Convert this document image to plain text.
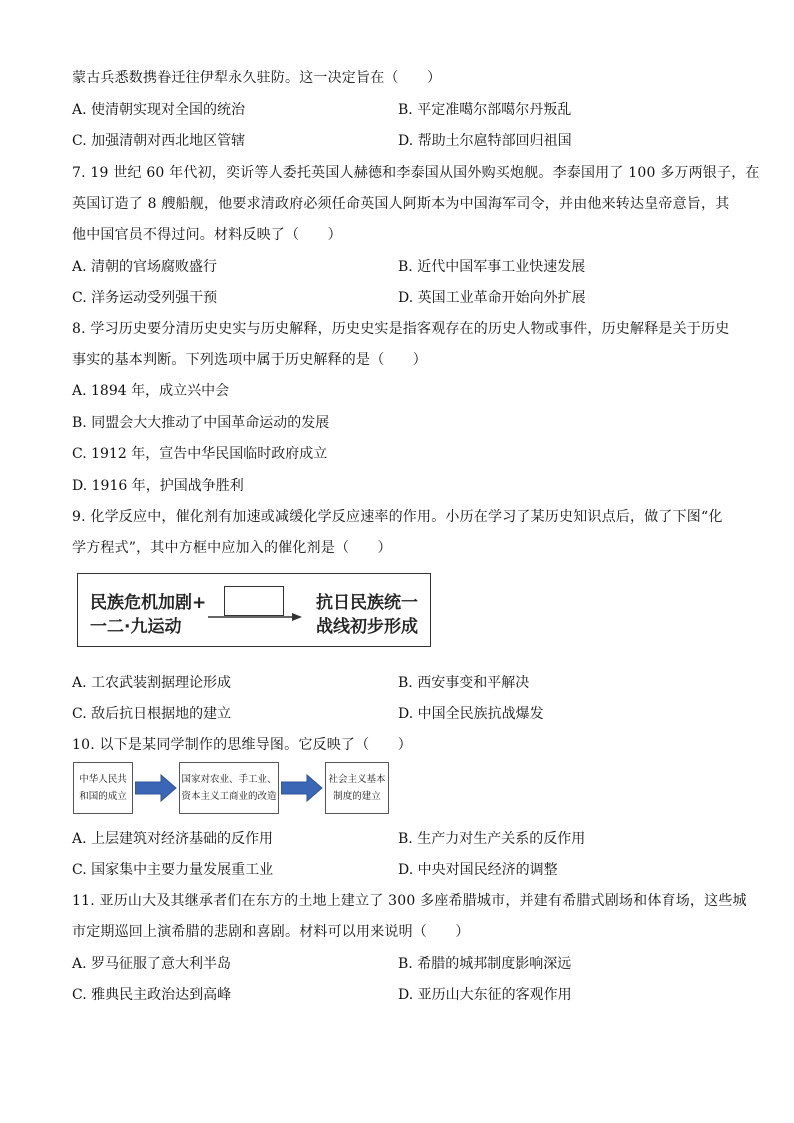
蒙古兵悉数携眷迁往伊犁永久驻防。这一决定旨在（　　）
A. 使清朝实现对全国的统治	B. 平定准噶尔部噶尔丹叛乱
C. 加强清朝对西北地区管辖	D. 帮助土尔扈特部回归祖国
7. 19 世纪 60 年代初，奕䜣等人委托英国人赫德和李泰国从国外购买炮舰。李泰国用了 100 多万两银子，在
英国订造了 8 艘船舰，他要求清政府必须任命英国人阿斯本为中国海军司令，并由他来转达皇帝意旨，其
他中国官员不得过问。材料反映了（　　）
A. 清朝的官场腐败盛行	B. 近代中国军事工业快速发展
C. 洋务运动受列强干预	D. 英国工业革命开始向外扩展
8. 学习历史要分清历史史实与历史解释，历史史实是指客观存在的历史人物或事件，历史解释是关于历史
事实的基本判断。下列选项中属于历史解释的是（　　）
A. 1894 年，成立兴中会
B. 同盟会大大推动了中国革命运动的发展
C. 1912 年，宣告中华民国临时政府成立
D. 1916 年，护国战争胜利
9. 化学反应中，催化剂有加速或减缓化学反应速率的作用。小历在学习了某历史知识点后，做了下图“化
学方程式”，其中方框中应加入的催化剂是（　　）
民族危机加剧+
一二·九运动
抗日民族统一
战线初步形成
A. 工农武装割据理论形成	B. 西安事变和平解决
C. 敌后抗日根据地的建立	D. 中国全民族抗战爆发
10. 以下是某同学制作的思维导图。它反映了（　　）
中华人民共
和国的成立
国家对农业、手工业、
资本主义工商业的改造
社会主义基本
制度的建立
A. 上层建筑对经济基础的反作用	B. 生产力对生产关系的反作用
C. 国家集中主要力量发展重工业	D. 中央对国民经济的调整
11. 亚历山大及其继承者们在东方的土地上建立了 300 多座希腊城市，并建有希腊式剧场和体育场，这些城
市定期巡回上演希腊的悲剧和喜剧。材料可以用来说明（　　）
A. 罗马征服了意大利半岛	B. 希腊的城邦制度影响深远
C. 雅典民主政治达到高峰	D. 亚历山大东征的客观作用
